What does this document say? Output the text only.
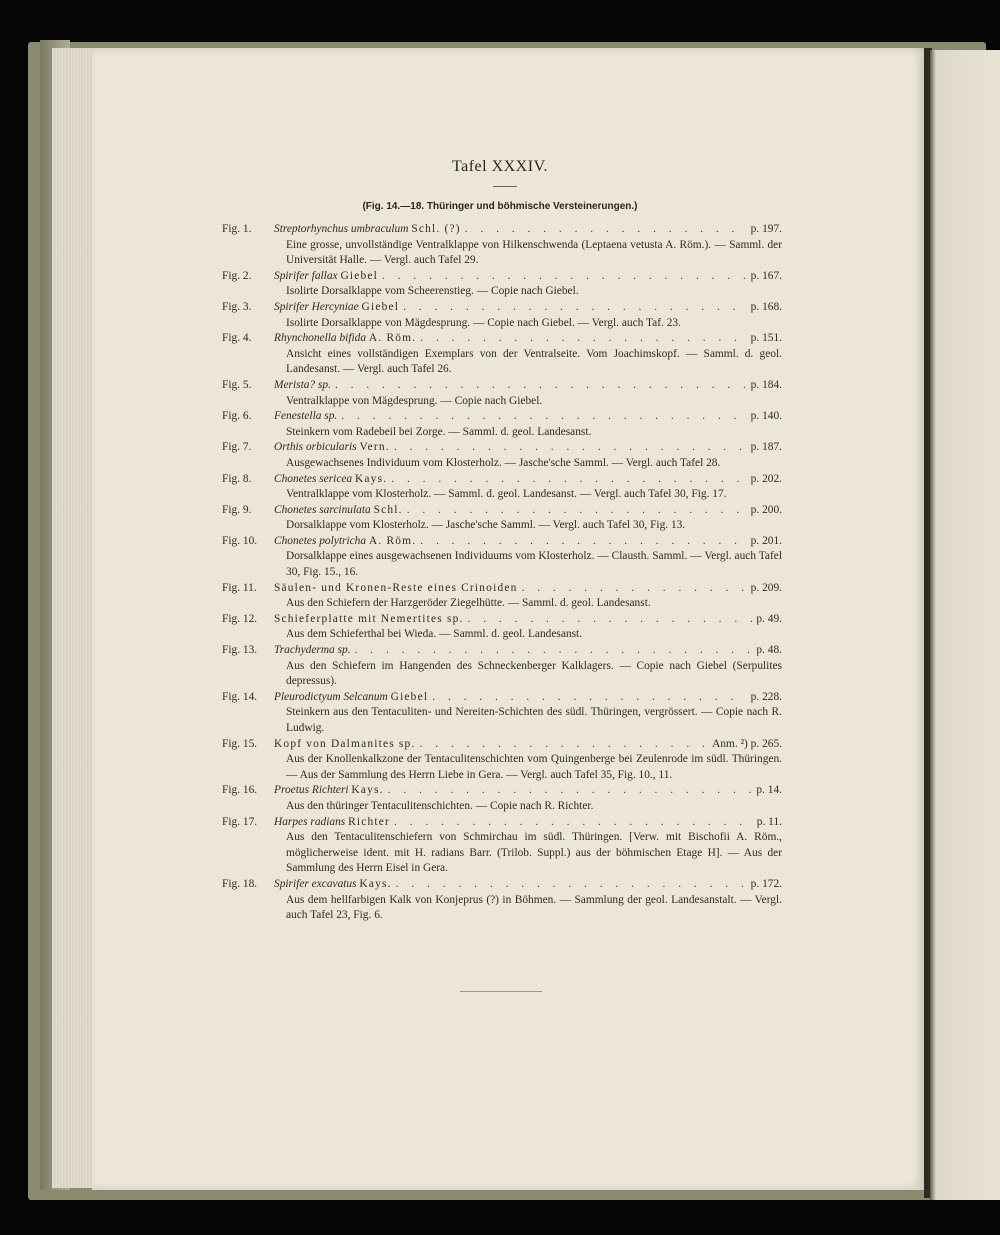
Tafel XXXIV.
(Fig. 14.—18. Thüringer und böhmische Versteinerungen.)
Fig. 1.	Streptorhynchus umbraculum Schl. (?) . . .	p. 197.
Eine grosse, unvollständige Ventralklappe von Hilkenschwenda (Leptaena vetusta A. Röm.). — Samml. der Universität Halle. — Vergl. auch Tafel 29.
Fig. 2.	Spirifer fallax Giebel . . .	p. 167.
Isolirte Dorsalklappe vom Scheerenstieg. — Copie nach Giebel.
Fig. 3.	Spirifer Hercyniae Giebel . . .	p. 168.
Isolirte Dorsalklappe von Mägdesprung. — Copie nach Giebel. — Vergl. auch Taf. 23.
Fig. 4.	Rhynchonella bifida A. Röm. . . .	p. 151.
Ansicht eines vollständigen Exemplars von der Ventralseite. Vom Joachimskopf. — Samml. d. geol. Landesanst. — Vergl. auch Tafel 26.
Fig. 5.	Merista? sp. . . .	p. 184.
Ventralklappe von Mägdesprung. — Copie nach Giebel.
Fig. 6.	Fenestella sp. . . .	p. 140.
Steinkern vom Radebeil bei Zorge. — Samml. d. geol. Landesanst.
Fig. 7.	Orthis orbicularis Vern. . . .	p. 187.
Ausgewachsenes Individuum vom Klosterholz. — Jasche'sche Samml. — Vergl. auch Tafel 28.
Fig. 8.	Chonetes sericea Kays. . . .	p. 202.
Ventralklappe vom Klosterholz. — Samml. d. geol. Landesanst. — Vergl. auch Tafel 30, Fig. 17.
Fig. 9.	Chonetes sarcinulata Schl. . . .	p. 200.
Dorsalklappe vom Klosterholz. — Jasche'sche Samml. — Vergl. auch Tafel 30, Fig. 13.
Fig. 10.	Chonetes polytricha A. Röm. . . .	p. 201.
Dorsalklappe eines ausgewachsenen Individuums vom Klosterholz. — Clausth. Samml. — Vergl. auch Tafel 30, Fig. 15., 16.
Fig. 11.	Säulen- und Kronen-Reste eines Crinoiden . . .	p. 209.
Aus den Schiefern der Harzgeröder Ziegelhütte. — Samml. d. geol. Landesanst.
Fig. 12.	Schieferplatte mit Nemertites sp. . . .	p. 49.
Aus dem Schieferthal bei Wieda. — Samml. d. geol. Landesanst.
Fig. 13.	Trachyderma sp. . . .	p. 48.
Aus den Schiefern im Hangenden des Schneckenberger Kalklagers. — Copie nach Giebel (Serpulites depressus).
Fig. 14.	Pleurodictyum Selcanum Giebel . . .	p. 228.
Steinkern aus den Tentaculiten- und Nereiten-Schichten des südl. Thüringen, vergrössert. — Copie nach R. Ludwig.
Fig. 15.	Kopf von Dalmanites sp. . . .	Anm. ²) p. 265.
Aus der Knollenkalkzone der Tentaculitenschichten vom Quingenberge bei Zeulenrode im südl. Thüringen. — Aus der Sammlung des Herrn Liebe in Gera. — Vergl. auch Tafel 35, Fig. 10., 11.
Fig. 16.	Proetus Richteri Kays. . . .	p. 14.
Aus den thüringer Tentaculitenschichten. — Copie nach R. Richter.
Fig. 17.	Harpes radians Richter . . .	p. 11.
Aus den Tentaculitenschiefern von Schmirchau im südl. Thüringen. [Verw. mit Bischofii A. Röm., möglicherweise ident. mit H. radians Barr. (Trilob. Suppl.) aus der böhmischen Etage H]. — Aus der Sammlung des Herrn Eisel in Gera.
Fig. 18.	Spirifer excavatus Kays. . . .	p. 172.
Aus dem hellfarbigen Kalk von Konjeprus (?) in Böhmen. — Sammlung der geol. Landesanstalt. — Vergl. auch Tafel 23, Fig. 6.
